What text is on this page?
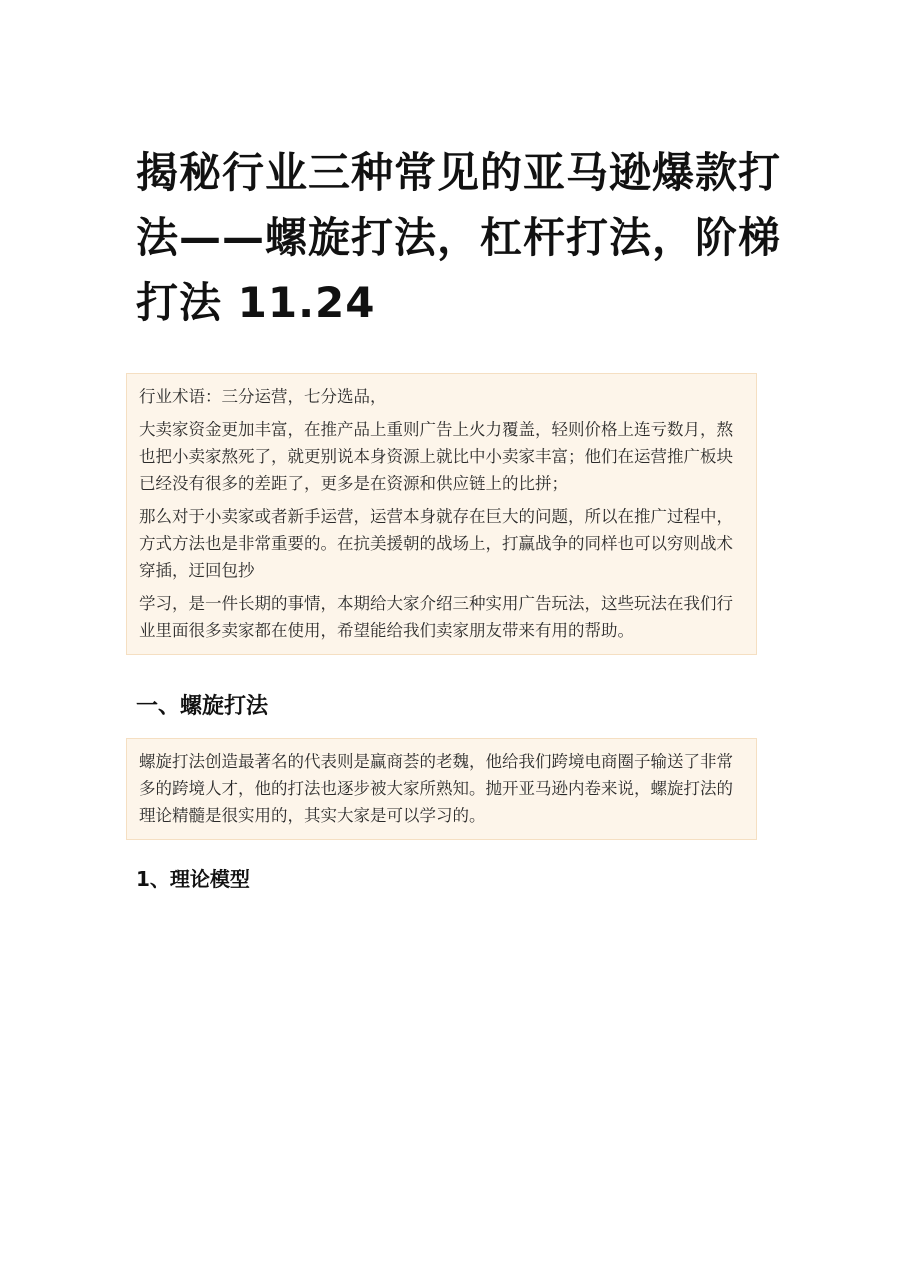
揭秘行业三种常见的亚马逊爆款打法——螺旋打法，杠杆打法，阶梯打法 11.24

行业术语：三分运营，七分选品，

大卖家资金更加丰富，在推产品上重则广告上火力覆盖，轻则价格上连亏数月，熬也把小卖家熬死了，就更别说本身资源上就比中小卖家丰富；他们在运营推广板块已经没有很多的差距了，更多是在资源和供应链上的比拼；

那么对于小卖家或者新手运营，运营本身就存在巨大的问题，所以在推广过程中，方式方法也是非常重要的。在抗美援朝的战场上，打赢战争的同样也可以穷则战术穿插，迂回包抄

学习，是一件长期的事情，本期给大家介绍三种实用广告玩法，这些玩法在我们行业里面很多卖家都在使用，希望能给我们卖家朋友带来有用的帮助。

一、螺旋打法

螺旋打法创造最著名的代表则是赢商荟的老魏，他给我们跨境电商圈子输送了非常多的跨境人才，他的打法也逐步被大家所熟知。抛开亚马逊内卷来说，螺旋打法的理论精髓是很实用的，其实大家是可以学习的。

1、理论模型
